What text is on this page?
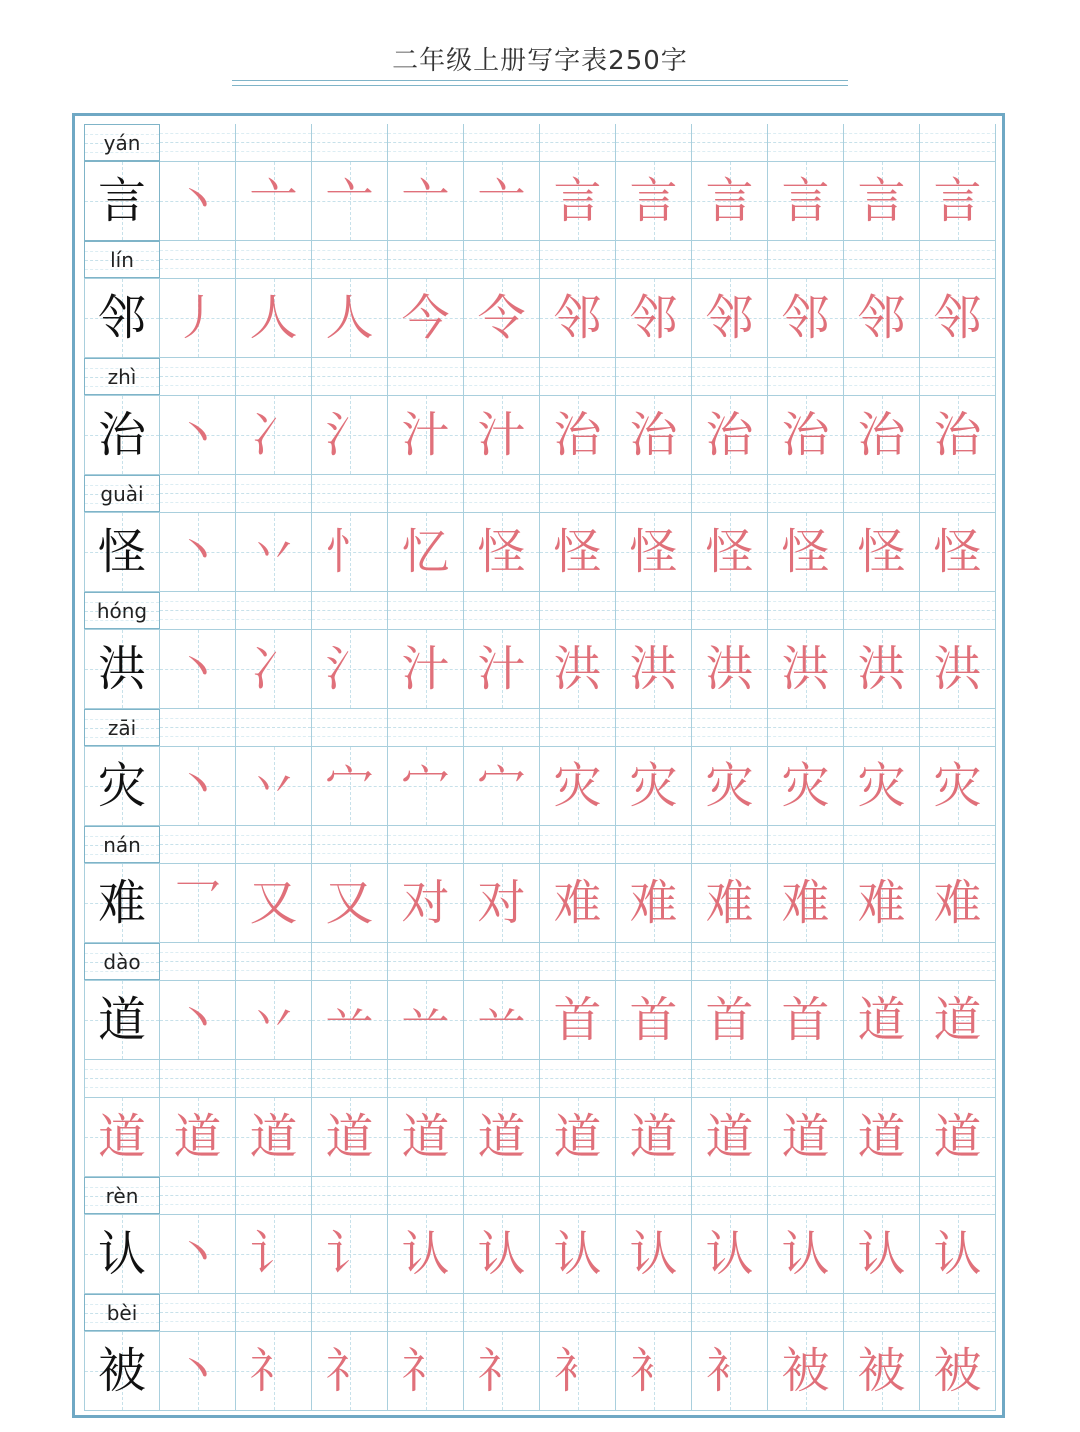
二年级上册写字表250字
yán
言 丶 亠 亠 亠 亠 言 言 言 言 言 言
lín
邻 丿 人 人 今 令 邻 邻 邻 邻 邻 邻
zhì
治 丶 冫 氵 汁 汁 治 治 治 治 治 治
guài
怪 丶 丷 忄 忆 怪 怪 怪 怪 怪 怪 怪
hóng
洪 丶 冫 氵 汁 汁 洪 洪 洪 洪 洪 洪
zāi
灾 丶 丷 宀 宀 宀 灾 灾 灾 灾 灾 灾
nán
难 乛 又 又 对 对 难 难 难 难 难 难
dào
道 丶 丷 䒑 䒑 䒑 首 首 首 首 道 道
道 道 道 道 道 道 道 道 道 道 道 道
rèn
认 丶 讠 讠 认 认 认 认 认 认 认 认
bèi
被 丶 礻 礻 礻 礻 衤 衤 衤 被 被 被
